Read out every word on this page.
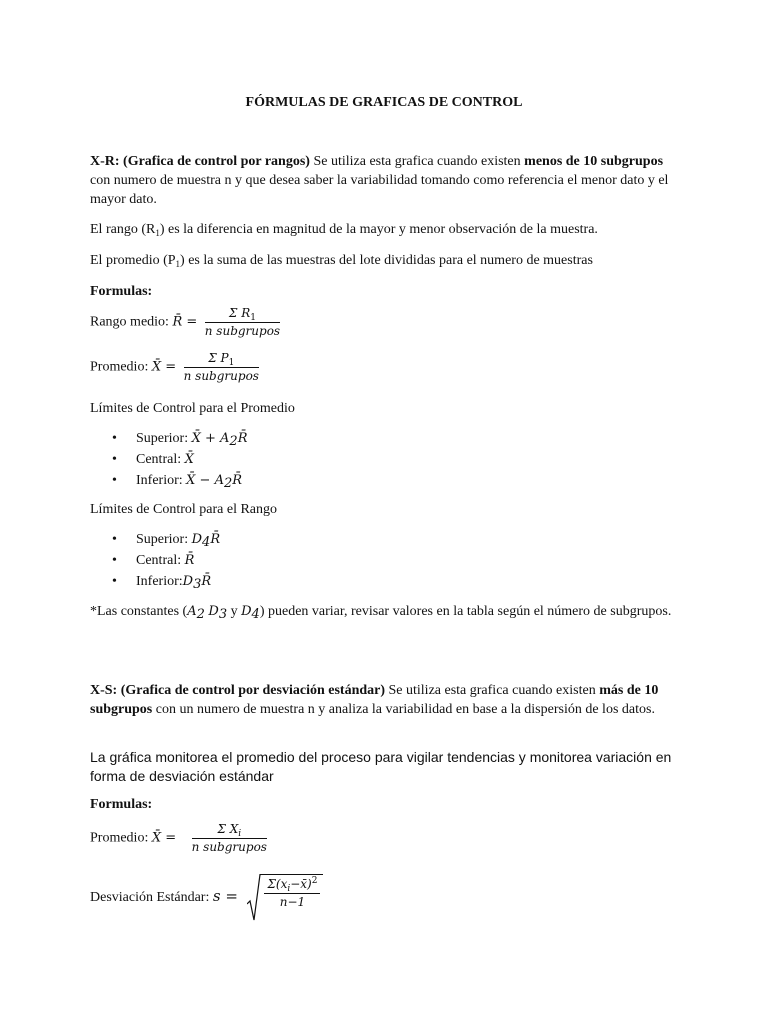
FÓRMULAS DE GRAFICAS DE CONTROL
X-R: (Grafica de control por rangos) Se utiliza esta grafica cuando existen menos de 10 subgrupos con numero de muestra n y que desea saber la variabilidad tomando como referencia el menor dato y el mayor dato.
El rango $(R_1)$ es la diferencia en magnitud de la mayor y menor observación de la muestra.
El promedio $(P_1)$ es la suma de las muestras del lote divididas para el numero de muestras
Formulas:
Rango medio: R̄ = $\frac{\Sigma R_1}{\text{n subgrupos}}$
Promedio: X̄ = $\frac{\Sigma P_1}{\text{n subgrupos}}$
Límites de Control para el Promedio
• Superior: X̄ + $A_2R̄$
• Central: X̄
• Inferior: X̄ − $A_2R̄$
Límites de Control para el Rango
• Superior: $D_4R̄$
• Central: R̄
• $Inferior:D_3R̄$
*Las constantes ($A_2$ $D_3$ y $D_4$) pueden variar, revisar valores en la tabla según el número de subgrupos.
X-S: (Grafica de control por desviación estándar) Se utiliza esta grafica cuando existen más de 10 subgrupos con un numero de muestra n y analiza la variabilidad en base a la dispersión de los datos.
La gráfica monitorea el promedio del proceso para vigilar tendencias y monitorea variación en forma de desviación estándar
Formulas:
Promedio: X̄ = $\frac{\Sigma X_i}{\text{n subgrupos}}$
Desviación Estándar: $s = \frac{\Sigma(x_i-x̄)^2}{n-1}$
